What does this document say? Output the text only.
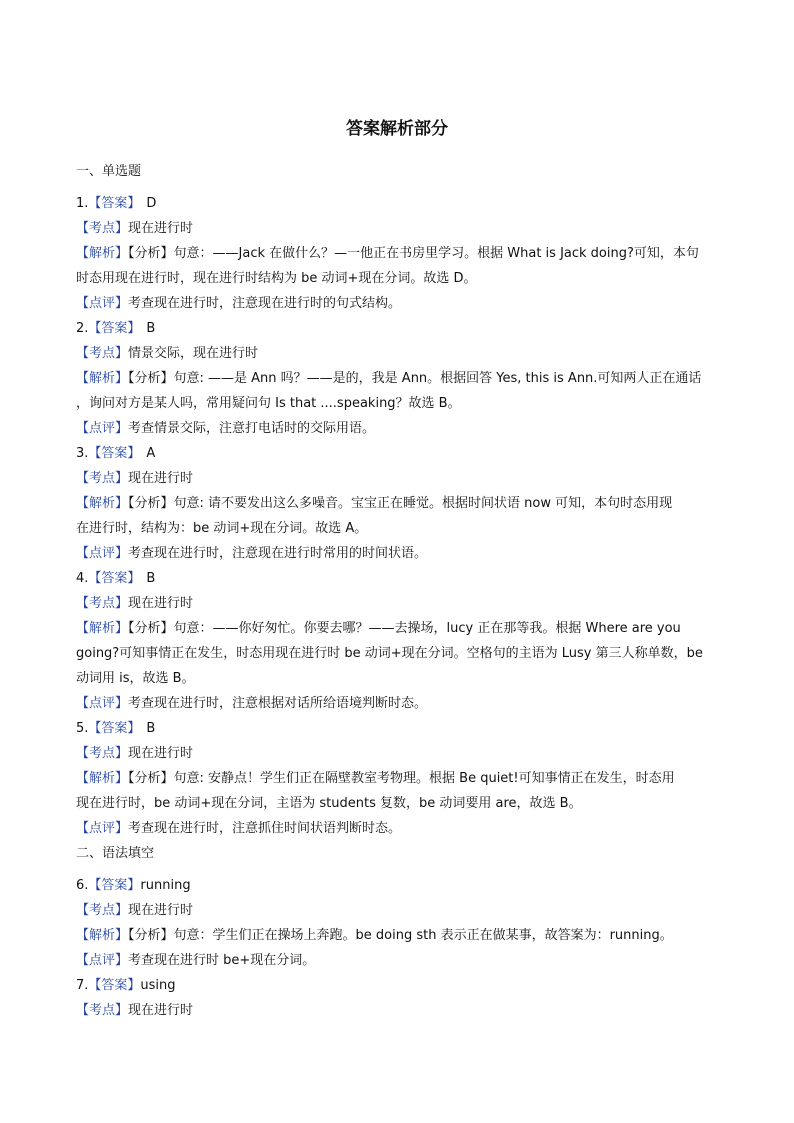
答案解析部分
一、单选题
1.【答案】 D
【考点】现在进行时
【解析】【分析】句意：——Jack 在做什么？—一他正在书房里学习。根据 What is Jack doing?可知，本句
时态用现在进行时，现在进行时结构为 be 动词+现在分词。故选 D。
【点评】考查现在进行时，注意现在进行时的句式结构。
2.【答案】 B
【考点】情景交际，现在进行时
【解析】【分析】句意: ——是 Ann 吗？——是的，我是 Ann。根据回答 Yes, this is Ann.可知两人正在通话
，询问对方是某人吗，常用疑问句 Is that ....speaking？故选 B。
【点评】考查情景交际，注意打电话时的交际用语。
3.【答案】 A
【考点】现在进行时
【解析】【分析】句意: 请不要发出这么多噪音。宝宝正在睡觉。根据时间状语 now 可知，本句时态用现
在进行时，结构为：be 动词+现在分词。故选 A。
【点评】考查现在进行时，注意现在进行时常用的时间状语。
4.【答案】 B
【考点】现在进行时
【解析】【分析】句意：——你好匆忙。你要去哪？——去操场，lucy 正在那等我。根据 Where are you
going?可知事情正在发生，时态用现在进行时 be 动词+现在分词。空格句的主语为 Lusy 第三人称单数，be
动词用 is，故选 B。
【点评】考查现在进行时，注意根据对话所给语境判断时态。
5.【答案】 B
【考点】现在进行时
【解析】【分析】句意: 安静点！学生们正在隔壁教室考物理。根据 Be quiet!可知事情正在发生，时态用
现在进行时，be 动词+现在分词，主语为 students 复数，be 动词要用 are，故选 B。
【点评】考查现在进行时，注意抓住时间状语判断时态。
二、语法填空
6.【答案】running
【考点】现在进行时
【解析】【分析】句意：学生们正在操场上奔跑。be doing sth 表示正在做某事，故答案为：running。
【点评】考查现在进行时 be+现在分词。
7.【答案】using
【考点】现在进行时
